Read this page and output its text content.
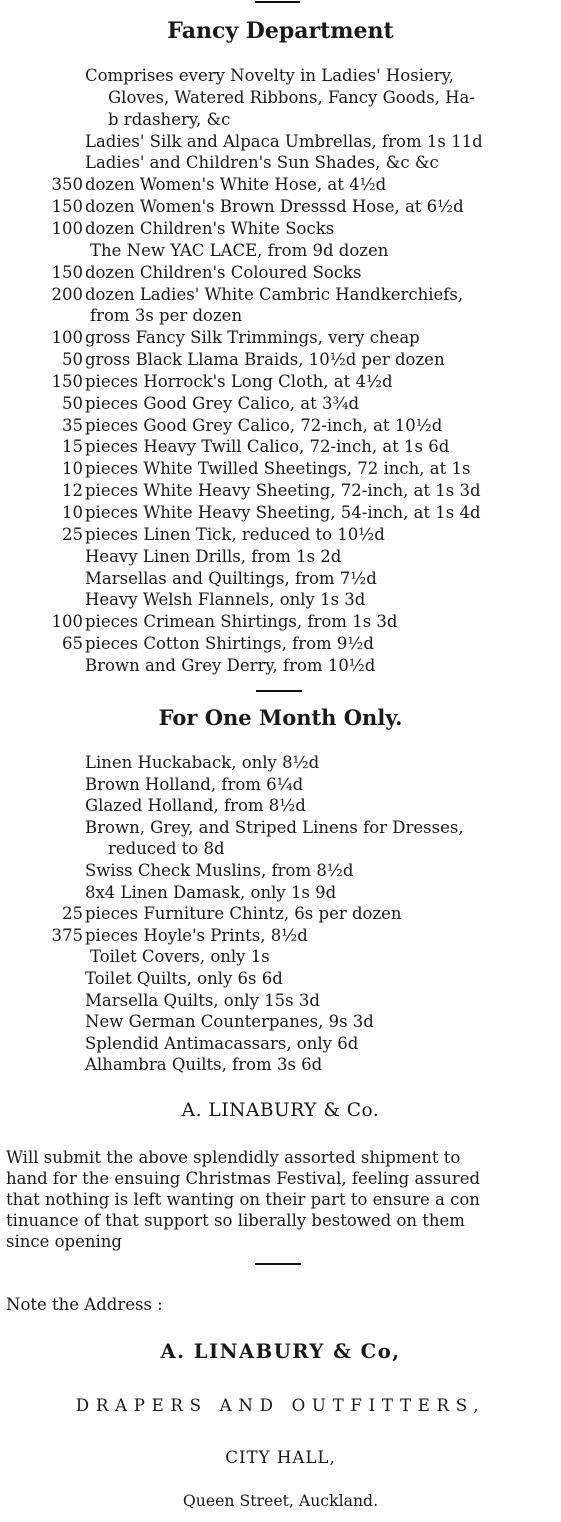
Fancy Department
Comprises every Novelty in Ladies' Hosiery,
Gloves, Watered Ribbons, Fancy Goods, Ha-
b rdashery, &c
Ladies' Silk and Alpaca Umbrellas, from 1s 11d
Ladies' and Children's Sun Shades, &c &c
350 dozen Women's White Hose, at 4½d
150 dozen Women's Brown Dresssd Hose, at 6½d
100 dozen Children's White Socks
The New YAC LACE, from 9d dozen
150 dozen Children's Coloured Socks
200 dozen Ladies' White Cambric Handkerchiefs,
from 3s per dozen
100 gross Fancy Silk Trimmings, very cheap
50 gross Black Llama Braids, 10½d per dozen
150 pieces Horrock's Long Cloth, at 4½d
50 pieces Good Grey Calico, at 3¾d
35 pieces Good Grey Calico, 72-inch, at 10½d
15 pieces Heavy Twill Calico, 72-inch, at 1s 6d
10 pieces White Twilled Sheetings, 72 inch, at 1s
12 pieces White Heavy Sheeting, 72-inch, at 1s 3d
10 pieces White Heavy Sheeting, 54-inch, at 1s 4d
25 pieces Linen Tick, reduced to 10½d
Heavy Linen Drills, from 1s 2d
Marsellas and Quiltings, from 7½d
Heavy Welsh Flannels, only 1s 3d
100 pieces Crimean Shirtings, from 1s 3d
65 pieces Cotton Shirtings, from 9½d
Brown and Grey Derry, from 10½d
For One Month Only.
Linen Huckaback, only 8½d
Brown Holland, from 6¼d
Glazed Holland, from 8½d
Brown, Grey, and Striped Linens for Dresses,
reduced to 8d
Swiss Check Muslins, from 8½d
8x4 Linen Damask, only 1s 9d
25 pieces Furniture Chintz, 6s per dozen
375 pieces Hoyle's Prints, 8½d
Toilet Covers, only 1s
Toilet Quilts, only 6s 6d
Marsella Quilts, only 15s 3d
New German Counterpanes, 9s 3d
Splendid Antimacassars, only 6d
Alhambra Quilts, from 3s 6d
A. LINABURY & Co.
Will submit the above splendidly assorted shipment to
hand for the ensuing Christmas Festival, feeling assured
that nothing is left wanting on their part to ensure a con
tinuance of that support so liberally bestowed on them
since opening
Note the Address :
A. LINABURY & Co,
DRAPERS AND OUTFITTERS,
CITY HALL,
Queen Street, Auckland.
